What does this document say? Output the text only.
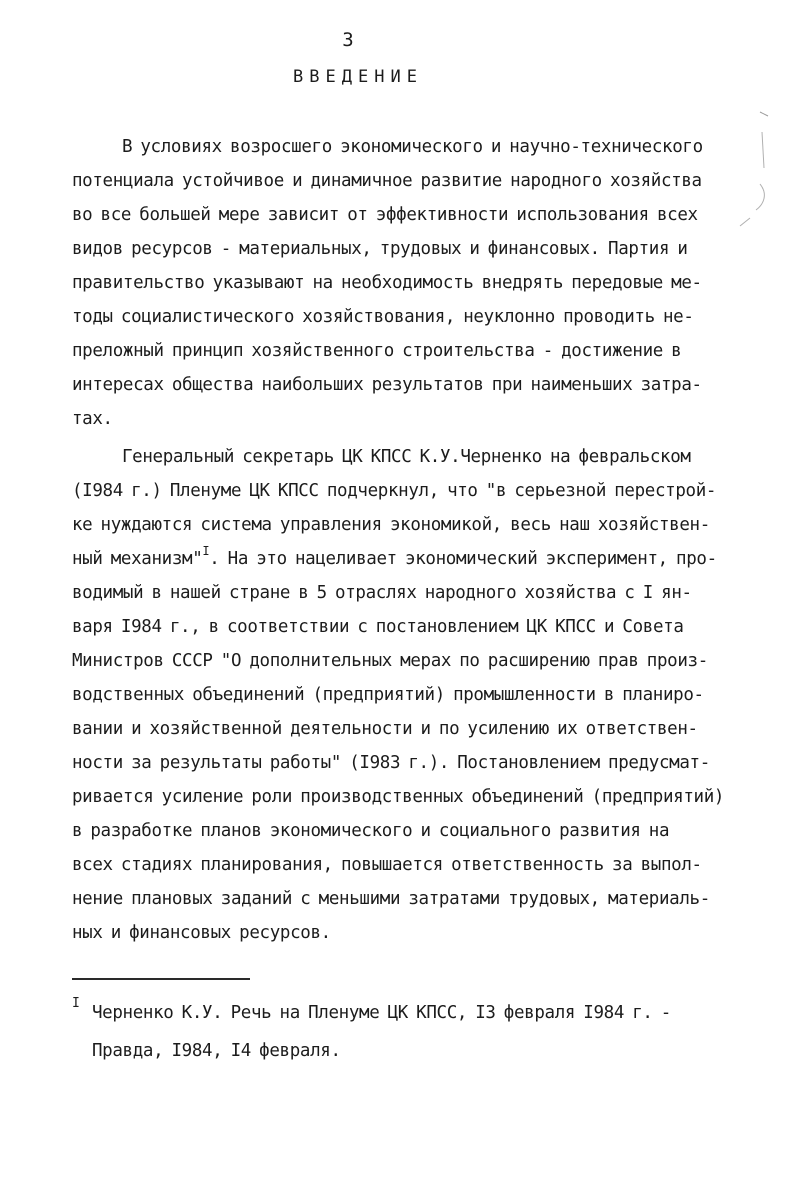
3
ВВЕДЕНИЕ
В условиях возросшего экономического и научно-технического
потенциала устойчивое и динамичное развитие народного хозяйства
во все большей мере зависит от эффективности использования всех
видов ресурсов - материальных, трудовых и финансовых. Партия и
правительство указывают на необходимость внедрять передовые ме-
тоды социалистического хозяйствования, неуклонно проводить не-
преложный принцип хозяйственного строительства - достижение в
интересах общества наибольших результатов при наименьших затра-
тах.
Генеральный секретарь ЦК КПСС К.У.Черненко на февральском
(I984 г.) Пленуме ЦК КПСС подчеркнул, что "в серьезной перестрой-
ке нуждаются система управления экономикой, весь наш хозяйствен-
ный механизм"$^I$. На это нацеливает экономический эксперимент, про-
водимый в нашей стране в 5 отраслях народного хозяйства с I ян-
варя I984 г., в соответствии с постановлением ЦК КПСС и Совета
Министров СССР "О дополнительных мерах по расширению прав произ-
водственных объединений (предприятий) промышленности в планиро-
вании и хозяйственной деятельности и по усилению их ответствен-
ности за результаты работы" (I983 г.). Постановлением предусмат-
ривается усиление роли производственных объединений (предприятий)
в разработке планов экономического и социального развития на
всех стадиях планирования, повышается ответственность за выпол-
нение плановых заданий с меньшими затратами трудовых, материаль-
ных и финансовых ресурсов.
I Черненко К.У. Речь на Пленуме ЦК КПСС, I3 февраля I984 г. -
Правда, I984, I4 февраля.
